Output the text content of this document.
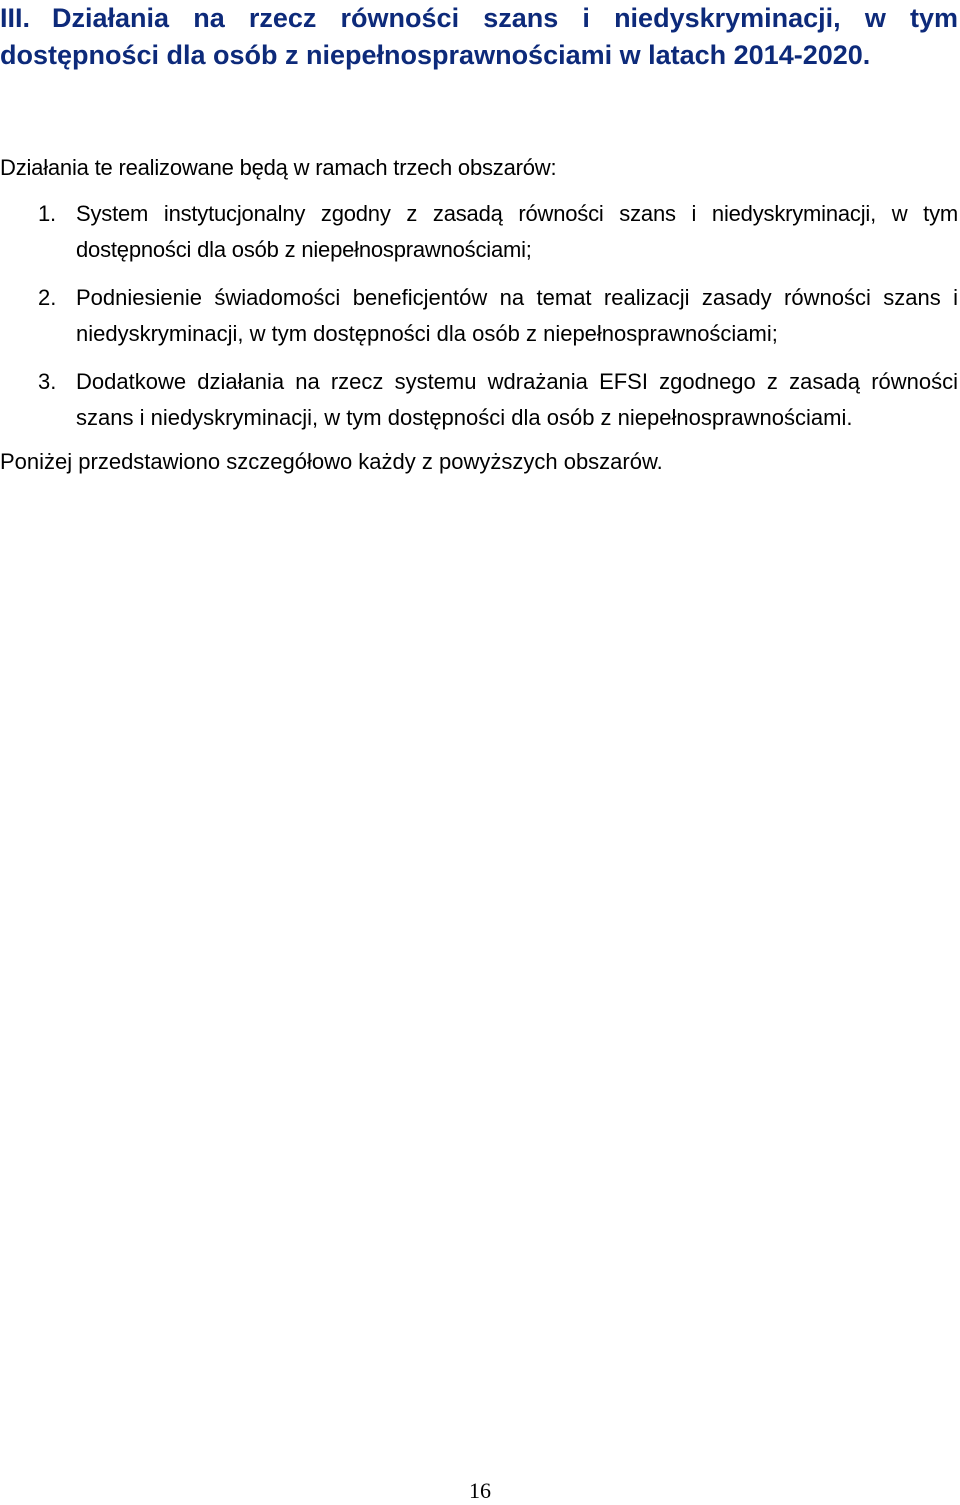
III. Działania na rzecz równości szans i niedyskryminacji, w tym dostępności dla osób z niepełnosprawnościami w latach 2014-2020.

Działania te realizowane będą w ramach trzech obszarów:

1. System instytucjonalny zgodny z zasadą równości szans i niedyskryminacji, w tym dostępności dla osób z niepełnosprawnościami;
2. Podniesienie świadomości beneficjentów na temat realizacji zasady równości szans i niedyskryminacji, w tym dostępności dla osób z niepełnosprawnościami;
3. Dodatkowe działania na rzecz systemu wdrażania EFSI zgodnego z zasadą równości szans i niedyskryminacji, w tym dostępności dla osób z niepełnosprawnościami.

Poniżej przedstawiono szczegółowo każdy z powyższych obszarów.

16
